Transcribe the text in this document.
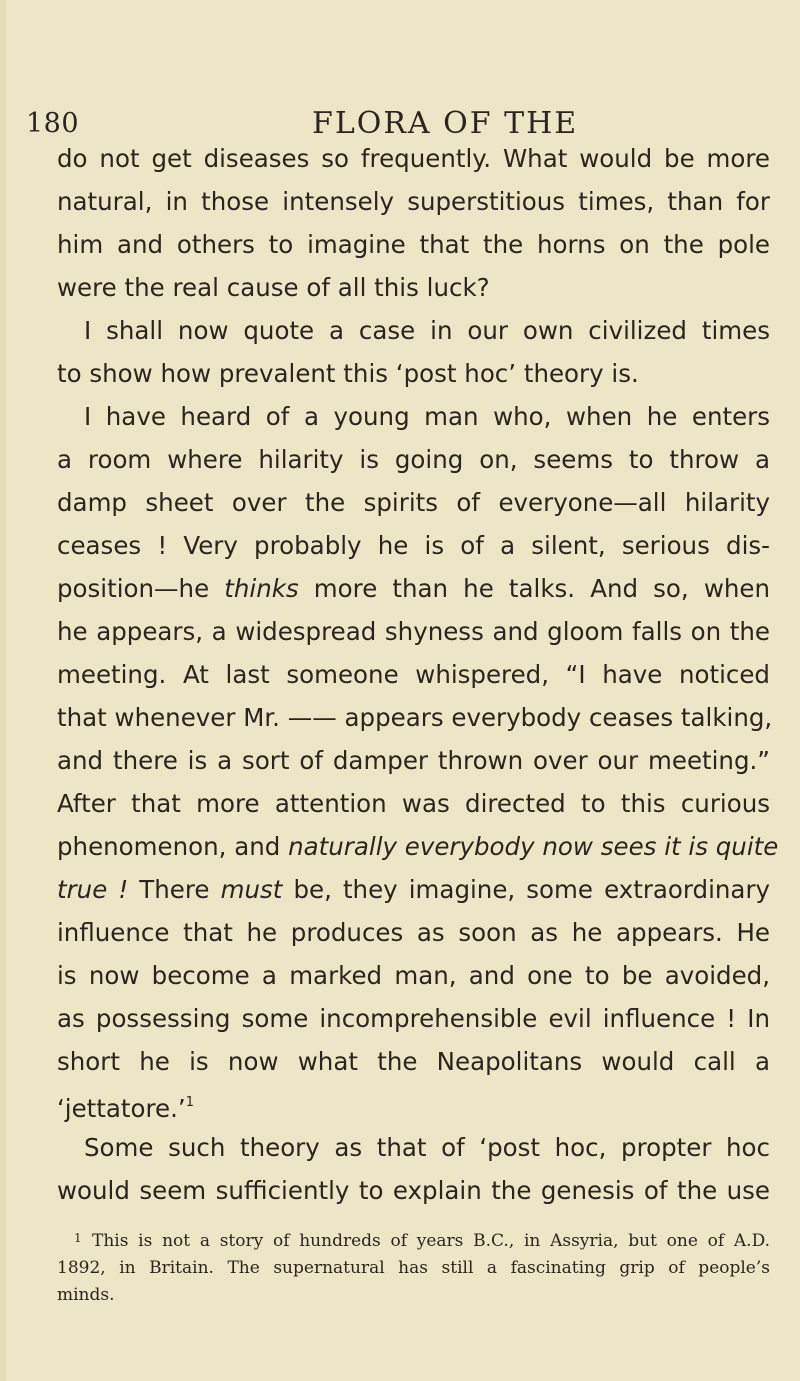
180	FLORA OF THE
do not get diseases so frequently. What would be more
natural, in those intensely superstitious times, than for
him and others to imagine that the horns on the pole
were the real cause of all this luck?
I shall now quote a case in our own civilized times
to show how prevalent this ‘post hoc’ theory is.
I have heard of a young man who, when he enters
a room where hilarity is going on, seems to throw a
damp sheet over the spirits of everyone—all hilarity
ceases ! Very probably he is of a silent, serious dis-
position—he thinks more than he talks. And so, when
he appears, a widespread shyness and gloom falls on the
meeting. At last someone whispered, “I have noticed
that whenever Mr. —— appears everybody ceases talking,
and there is a sort of damper thrown over our meeting.”
After that more attention was directed to this curious
phenomenon, and naturally everybody now sees it is quite
true ! There must be, they imagine, some extraordinary
influence that he produces as soon as he appears. He
is now become a marked man, and one to be avoided,
as possessing some incomprehensible evil influence ! In
short he is now what the Neapolitans would call a
‘jettatore.’$^1$
Some such theory as that of ‘post hoc, propter hoc
would seem sufficiently to explain the genesis of the use
1 This is not a story of hundreds of years B.C., in Assyria, but one of A.D.
1892, in Britain. The supernatural has still a fascinating grip of people’s
minds.
